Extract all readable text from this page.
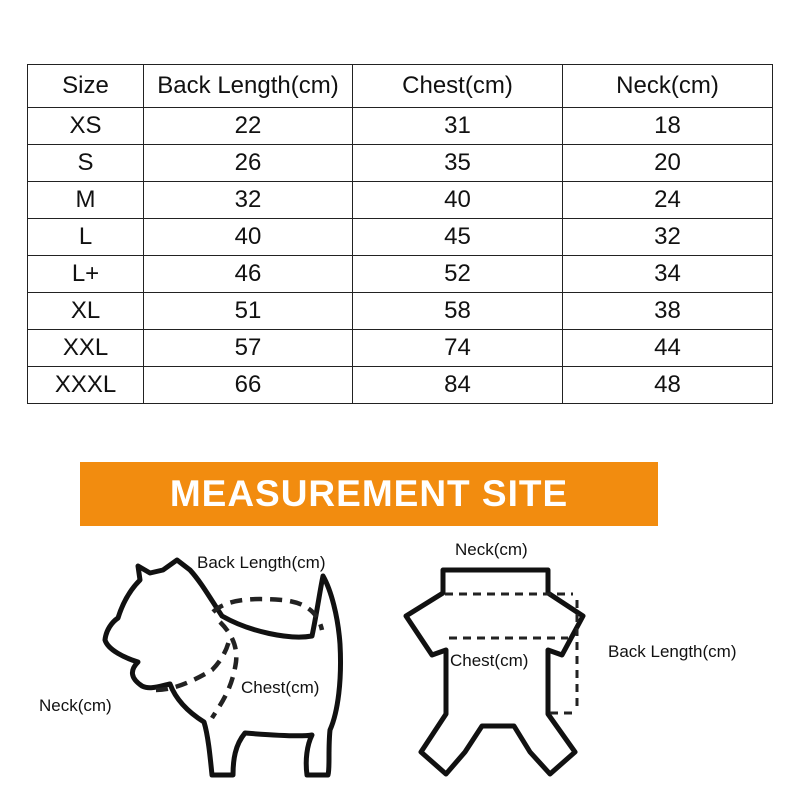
Size	Back Length(cm)	Chest(cm)	Neck(cm)
XS	22	31	18
S	26	35	20
M	32	40	24
L	40	45	32
L+	46	52	34
XL	51	58	38
XXL	57	74	44
XXXL	66	84	48
MEASUREMENT SITE
Back Length(cm)
Chest(cm)
Neck(cm)
Neck(cm)
Chest(cm)	Back Length(cm)
